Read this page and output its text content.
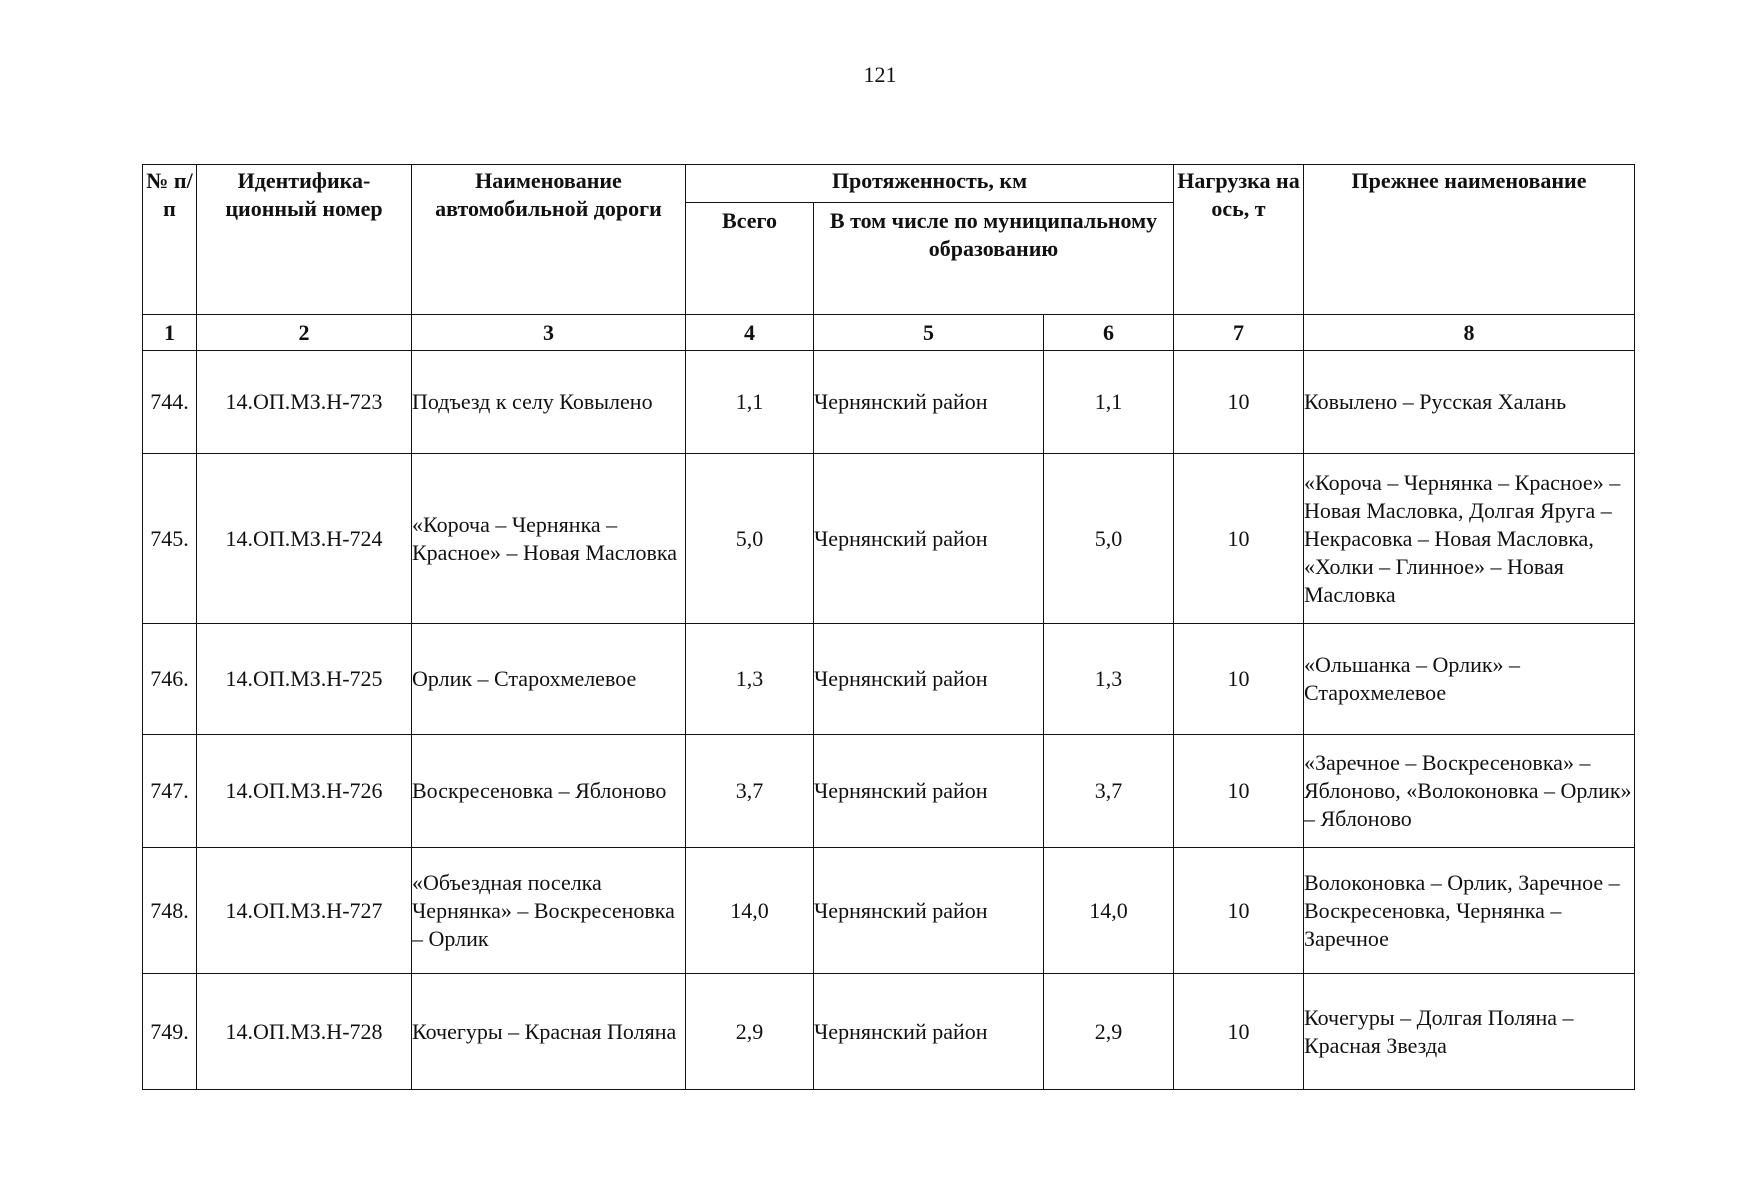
121
№ п/п	Идентифика-ционный номер	Наименование автомобильной дороги	Протяженность, км			Нагрузка на ось, т	Прежнее наименование
			Всего	В том числе по муниципальному образованию			
1	2	3	4	5	6	7	8
744.	14.ОП.МЗ.Н-723	Подъезд к селу Ковылено	1,1	Чернянский район	1,1	10	Ковылено – Русская Халань
745.	14.ОП.МЗ.Н-724	«Короча – Чернянка – Красное» – Новая Масловка	5,0	Чернянский район	5,0	10	«Короча – Чернянка – Красное» – Новая Масловка, Долгая Яруга – Некрасовка – Новая Масловка, «Холки – Глинное» – Новая Масловка
746.	14.ОП.МЗ.Н-725	Орлик – Старохмелевое	1,3	Чернянский район	1,3	10	«Ольшанка – Орлик» – Старохмелевое
747.	14.ОП.МЗ.Н-726	Воскресеновка – Яблоново	3,7	Чернянский район	3,7	10	«Заречное – Воскресеновка» – Яблоново, «Волоконовка – Орлик» – Яблоново
748.	14.ОП.МЗ.Н-727	«Объездная поселка Чернянка» – Воскресеновка – Орлик	14,0	Чернянский район	14,0	10	Волоконовка – Орлик, Заречное – Воскресеновка, Чернянка – Заречное
749.	14.ОП.МЗ.Н-728	Кочегуры – Красная Поляна	2,9	Чернянский район	2,9	10	Кочегуры – Долгая Поляна – Красная Звезда
